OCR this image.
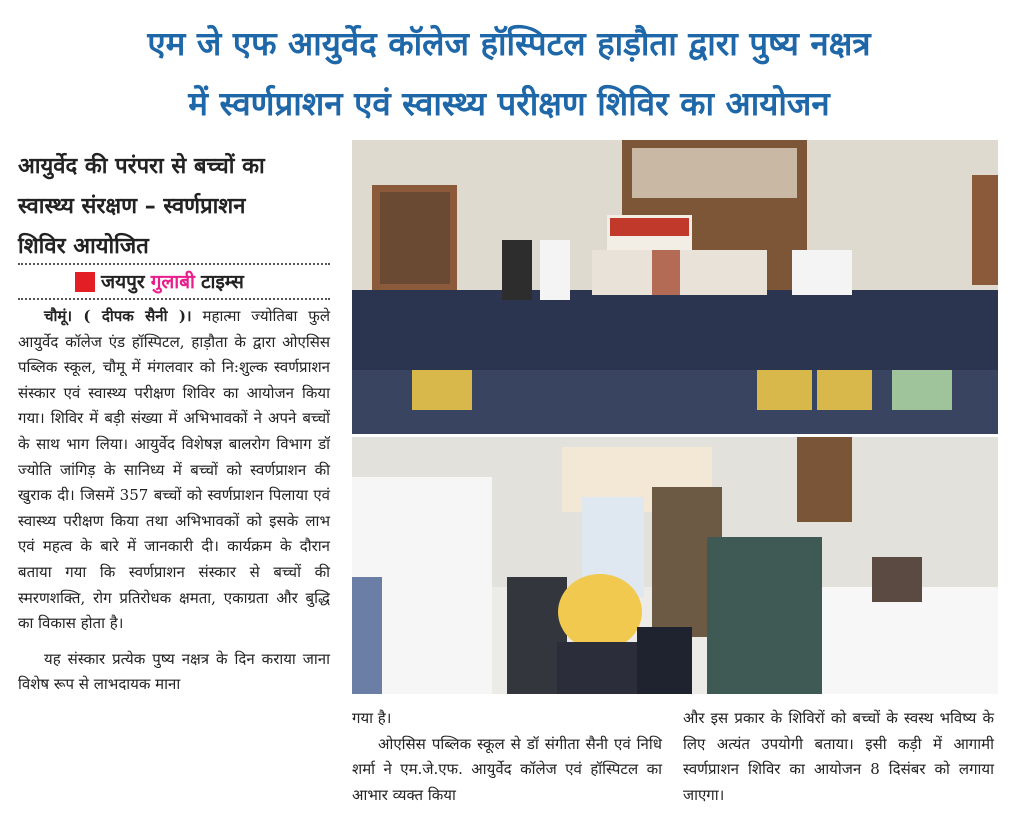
एम जे एफ आयुर्वेद कॉलेज हॉस्पिटल हाड़ौता द्वारा पुष्य नक्षत्र
में स्वर्णप्राशन एवं स्वास्थ्य परीक्षण शिविर का आयोजन
आयुर्वेद की परंपरा से बच्चों का
स्वास्थ्य संरक्षण – स्वर्णप्राशन
शिविर आयोजित
जयपुर गुलाबी टाइम्स

चौमूं। ( दीपक सैनी )। महात्मा ज्योतिबा फुले आयुर्वेद कॉलेज एंड हॉस्पिटल, हाड़ौता के द्वारा ओएसिस पब्लिक स्कूल, चौमू में मंगलवार को नि:शुल्क स्वर्णप्राशन संस्कार एवं स्वास्थ्य परीक्षण शिविर का आयोजन किया गया। शिविर में बड़ी संख्या में अभिभावकों ने अपने बच्चों के साथ भाग लिया। आयुर्वेद विशेषज्ञ बालरोग विभाग डॉ ज्योति जांगिड़ के सानिध्य में बच्चों को स्वर्णप्राशन की खुराक दी। जिसमें 357 बच्चों को स्वर्णप्राशन पिलाया एवं स्वास्थ्य परीक्षण किया तथा अभिभावकों को इसके लाभ एवं महत्व के बारे में जानकारी दी। कार्यक्रम के दौरान बताया गया कि स्वर्णप्राशन संस्कार से बच्चों की स्मरणशक्ति, रोग प्रतिरोधक क्षमता, एकाग्रता और बुद्धि का विकास होता है।

यह संस्कार प्रत्येक पुष्य नक्षत्र के दिन कराया जाना विशेष रूप से लाभदायक माना

गया है।

ओएसिस पब्लिक स्कूल से डॉ संगीता सैनी एवं निधि शर्मा ने एम.जे.एफ. आयुर्वेद कॉलेज एवं हॉस्पिटल का आभार व्यक्त किया

और इस प्रकार के शिविरों को बच्चों के स्वस्थ भविष्य के लिए अत्यंत उपयोगी बताया। इसी कड़ी में आगामी स्वर्णप्राशन शिविर का आयोजन 8 दिसंबर को लगाया जाएगा।
